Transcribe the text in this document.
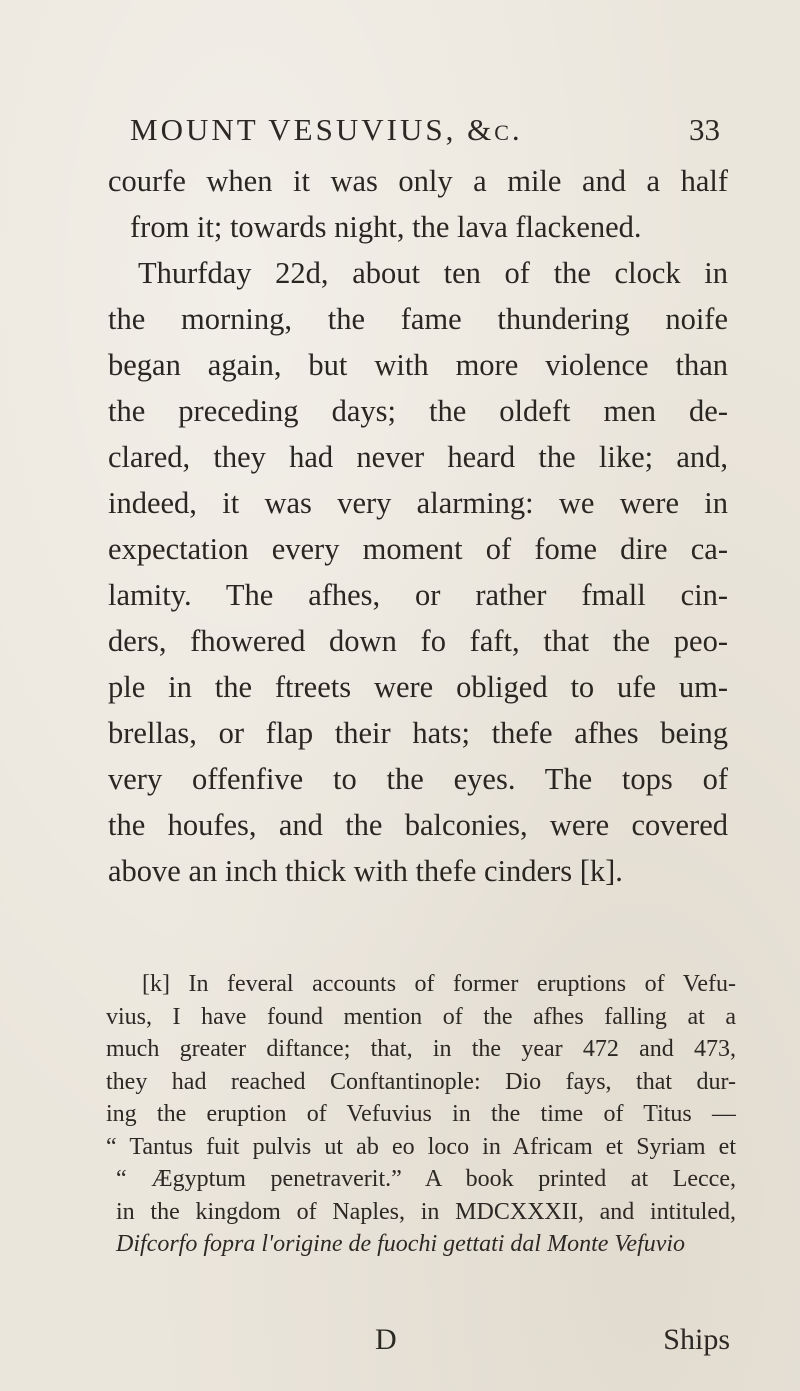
MOUNT VESUVIUS, &c.	33
courfe when it was only a mile and a half
from it; towards night, the lava flackened.
Thurfday 22d, about ten of the clock in
the morning, the fame thundering noife
began again, but with more violence than
the preceding days; the oldeft men de-
clared, they had never heard the like; and,
indeed, it was very alarming: we were in
expectation every moment of fome dire ca-
lamity. The afhes, or rather fmall cin-
ders, fhowered down fo faft, that the peo-
ple in the ftreets were obliged to ufe um-
brellas, or flap their hats; thefe afhes being
very offenfive to the eyes. The tops of
the houfes, and the balconies, were covered
above an inch thick with thefe cinders [k].
[k] In feveral accounts of former eruptions of Vefu-
vius, I have found mention of the afhes falling at a
much greater diftance; that, in the year 472 and 473,
they had reached Conftantinople: Dio fays, that dur-
ing the eruption of Vefuvius in the time of Titus —
“ Tantus fuit pulvis ut ab eo loco in Africam et Syriam et
“ Ægyptum penetraverit.” A book printed at Lecce,
in the kingdom of Naples, in MDCXXXII, and intituled,
Difcorfo fopra l'origine de fuochi gettati dal Monte Vefuvio
D	Ships
